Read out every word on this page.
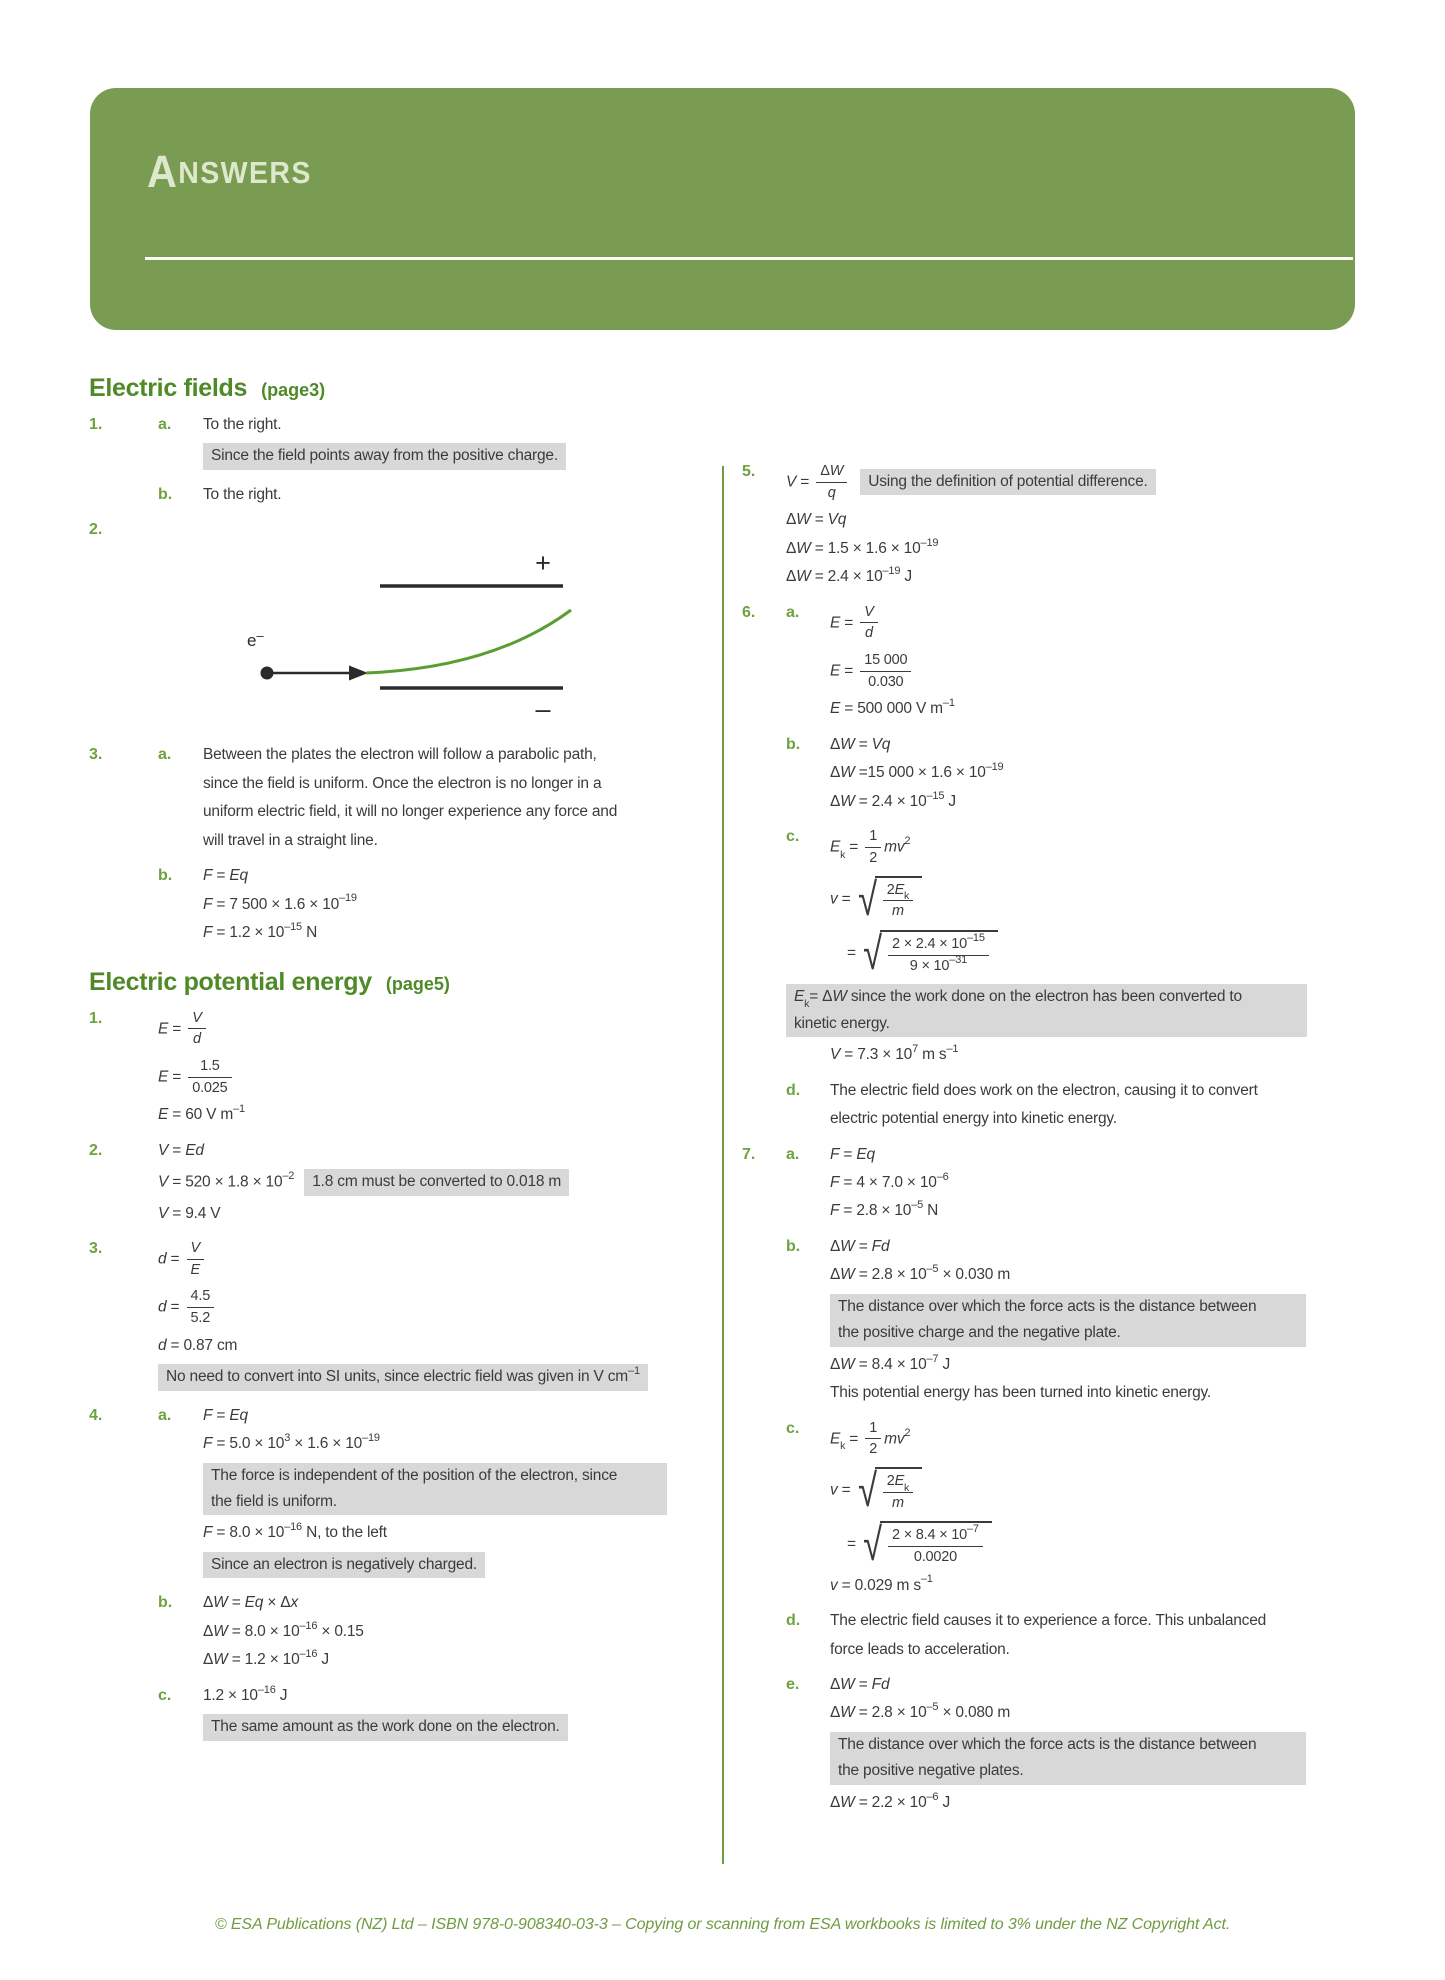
ANSWERS
Electric fields (page3)
1.	a.	To the right.
Since the field points away from the positive charge.
b.	To the right.
2.
+
e–
–
3.	a.	Between the plates the electron will follow a parabolic path,
since the field is uniform. Once the electron is no longer in a
uniform electric field, it will no longer experience any force and
will travel in a straight line.
b.	F = Eq
F = 7 $500 \times 1.6 \times 10^{-19}$
$F = 1.2 \times 10^{-15}$ N
Electric potential energy (page5)
1.
$E = \frac{V}{d}$
$E = \frac{1.5}{0.025}$
E = 60 V $m^{-1}$
2.	V = Ed
$V = 520 \times 1.8 \times 10^{-2}$ 1.8 cm must be converted to 0.018 m
V = 9.4 V
3.
$d = \frac{V}{E}$
$d = \frac{4.5}{5.2}$
d = 0.87 cm
No need to convert into SI units, since electric field was given in V $cm^{-1}$
4.	a.	F = Eq
$F = 5.0 \times 10^3 \times 1.6 \times 10^{-19}$
The force is independent of the position of the electron, sincethe field is uniform.
$F = 8.0 \times 10^{-16}$ N, to the left
Since an electron is negatively charged.
b.	ΔW = Eq × Δx
$\Delta W = 8.0 \times 10^{-16} \times 0.15$
$\Delta W = 1.2 \times 10^{-16}$ J
c.	$1.2 \times 10^{-16}$ J
The same amount as the work done on the electron.
5.
$V = \frac{\Delta W}{q}$ Using the definition of potential difference.
ΔW = Vq
$\Delta W = 1.5 \times 1.6 \times 10^{-19}$
$\Delta W = 2.4 \times 10^{-19}$ J
6.	a.
$E = \frac{V}{d}$
$E = \frac{15 000}{0.030}$
E = 500 000 V $m^{-1}$
b.	ΔW = Vq
ΔW =15 $000 \times 1.6 \times 10^{-19}$
$\Delta W = 2.4 \times 10^{-15}$ J
c.
$E_k = \frac{1}{2} mv^2$
v = √ $\frac{2E_k}{m}$
= √ $\frac{2 \times 2.4 \times 10^{-15}}{9 \times 10^{-31}}$
$E_k= \Delta W$ since the work done on the electron has been converted tokinetic energy.
$V = 7.3 \times 10^7$ m $s^{-1}$
d.	The electric field does work on the electron, causing it to convert
electric potential energy into kinetic energy.
7.	a.	F = Eq
$F = 4 \times 7.0 \times 10^{-6}$
$F = 2.8 \times 10^{-5}$ N
b.	ΔW = Fd
$\Delta W = 2.8 \times 10^{-5} \times 0.030$ m
The distance over which the force acts is the distance betweenthe positive charge and the negative plate.
$\Delta W = 8.4 \times 10^{-7}$ J
This potential energy has been turned into kinetic energy.
c.
$E_k = \frac{1}{2} mv^2$
v = √ $\frac{2E_k}{m}$
= √ $\frac{2 \times 8.4 \times 10^{-7}}{0.0020}$
v = 0.029 m $s^{-1}$
d.	The electric field causes it to experience a force. This unbalanced
force leads to acceleration.
e.	ΔW = Fd
$\Delta W = 2.8 \times 10^{-5} \times 0.080$ m
The distance over which the force acts is the distance betweenthe positive negative plates.
$\Delta W = 2.2 \times 10^{-6}$ J
© ESA Publications (NZ) Ltd – ISBN 978-0-908340-03-3 – Copying or scanning from ESA workbooks is limited to 3% under the NZ Copyright Act.
